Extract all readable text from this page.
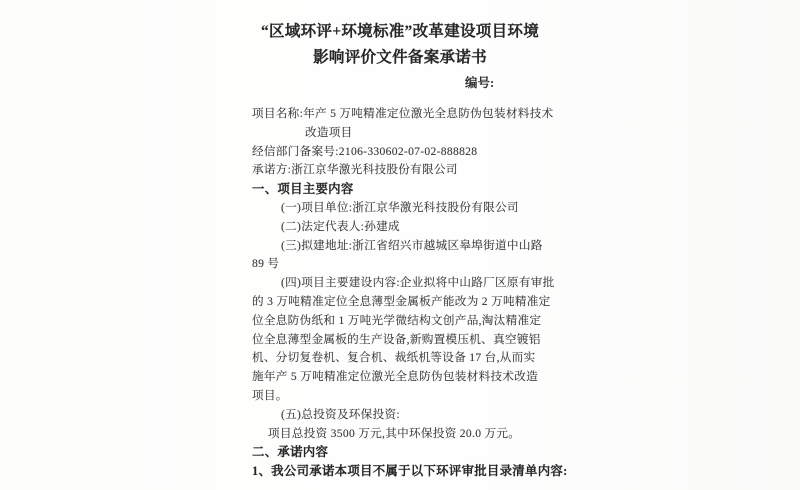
“区域环评+环境标准”改革建设项目环境
影响评价文件备案承诺书
编号:
项目名称:年产 5 万吨精准定位激光全息防伪包装材料技术
改造项目
经信部门备案号:2106-330602-07-02-888828
承诺方:浙江京华激光科技股份有限公司
一、项目主要内容
(一)项目单位:浙江京华激光科技股份有限公司
(二)法定代表人:孙建成
(三)拟建地址:浙江省绍兴市越城区皋埠街道中山路
89 号
(四)项目主要建设内容:企业拟将中山路厂区原有审批
的 3 万吨精准定位全息薄型金属板产能改为 2 万吨精准定
位全息防伪纸和 1 万吨光学微结构文创产品,淘汰精准定
位全息薄型金属板的生产设备,新购置模压机、真空镀铝
机、分切复卷机、复合机、裁纸机等设备 17 台,从而实
施年产 5 万吨精准定位激光全息防伪包装材料技术改造
项目。
(五)总投资及环保投资:
项目总投资 3500 万元,其中环保投资 20.0 万元。
二、承诺内容
1、我公司承诺本项目不属于以下环评审批目录清单内容:
